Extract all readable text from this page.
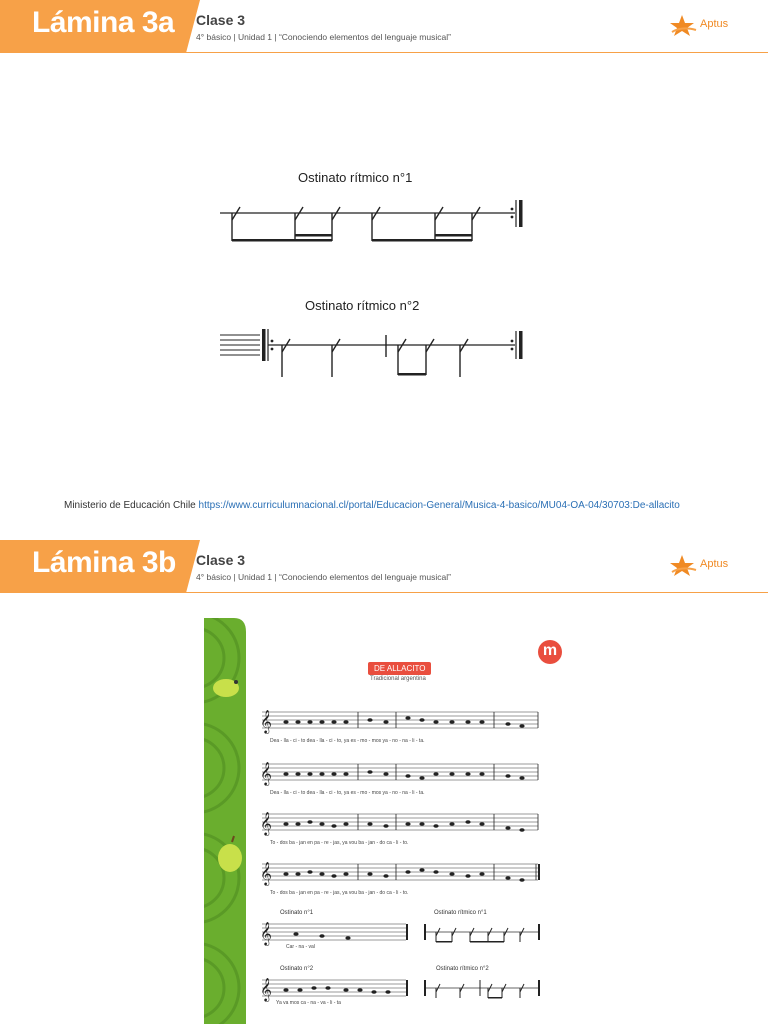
Lámina 3a Clase 3
4° básico | Unidad 1 | “Conociendo elementos del lenguaje musical”
Aptus
Ostinato rítmico n°1
Ostinato rítmico n°2
Ministerio de Educación Chile https://www.curriculumnacional.cl/portal/Educacion-General/Musica-4-basico/MU04-OA-04/30703:De-allacito
Lámina 3b Clase 3
4° básico | Unidad 1 | “Conociendo elementos del lenguaje musical”
Aptus
m
DE ALLACITO
Tradicional argentina
𝄞
Dea - lla - ci - to dea - lla - ci - to, ya es - mo - mos ya - no - na - li - ta.
𝄞
Dea - lla - ci - to dea - lla - ci - to, ya es - mo - mos ya - no - na - li - ta.
𝄞
To - dos ba - jan en pa - re - jas, ya vou ba - jan - do ca - li - to.
𝄞
To - dos ba - jan en pa - re - jas, ya vou ba - jan - do ca - li - to.
Ostinato n°1	Ostinato rítmico n°1
𝄞
Car - na - val
Ostinato n°2	Ostinato rítmico n°2
𝄞
Ya va mos ca - na - va - li - ta
